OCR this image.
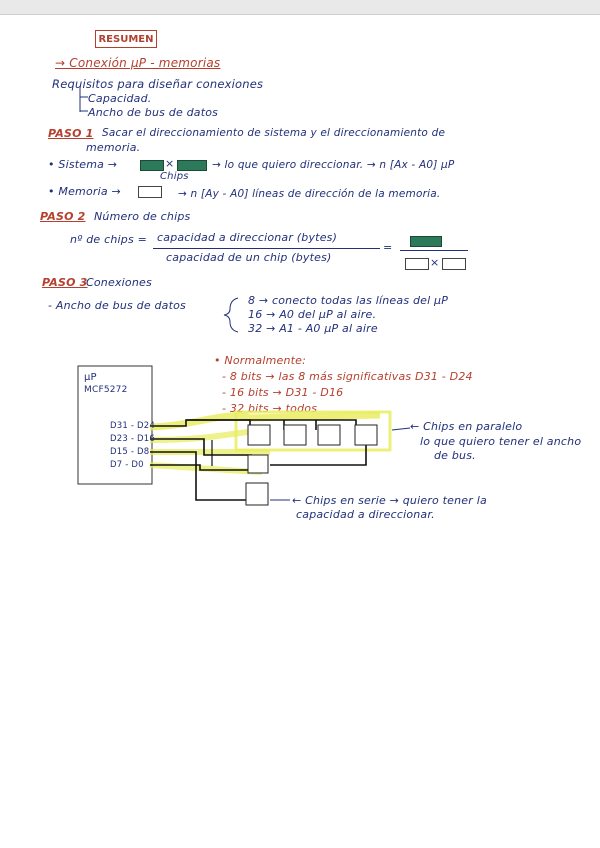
RESUMEN
→ Conexión µP - memorias
Requisitos para diseñar conexiones
Capacidad.
Ancho de bus de datos
PASO 1 Sacar el direccionamiento de sistema y el direccionamiento de
memoria.
• Sistema →	×
Chips
→ lo que quiero direccionar. → n [Ax - A0] µP
• Memoria →	→ n [Ay - A0] líneas de dirección de la memoria.
PASO 2 Número de chips
nº de chips = capacidad a direccionar (bytes)
capacidad de un chip (bytes)
=
×
PASO 3
Conexiones
- Ancho de bus de datos	8 → conecto todas las líneas del µP
16 → A0 del µP al aire.
32 → A1 - A0 µP al aire
• Normalmente:
- 8 bits → las 8 más significativas D31 - D24
- 16 bits → D31 - D16
- 32 bits → todos
µP
MCF5272
D31 - D24
D23 - D16
D15 - D8
D7 - D0
← Chips en paralelo
lo que quiero tener el ancho
de bus.
← Chips en serie → quiero tener la
capacidad a direccionar.
